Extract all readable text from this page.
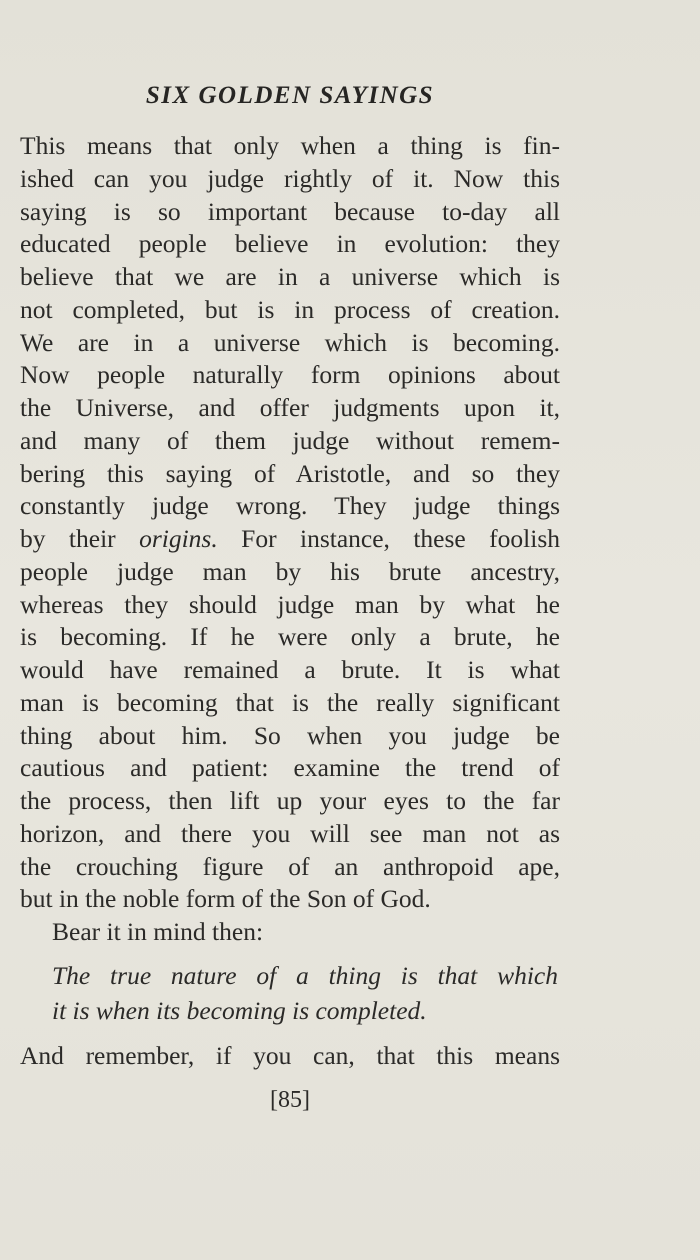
SIX GOLDEN SAYINGS
This means that only when a thing is fin-
ished can you judge rightly of it. Now this
saying is so important because to-day all
educated people believe in evolution: they
believe that we are in a universe which is
not completed, but is in process of creation.
We are in a universe which is becoming.
Now people naturally form opinions about
the Universe, and offer judgments upon it,
and many of them judge without remem-
bering this saying of Aristotle, and so they
constantly judge wrong. They judge things
by their origins. For instance, these foolish
people judge man by his brute ancestry,
whereas they should judge man by what he
is becoming. If he were only a brute, he
would have remained a brute. It is what
man is becoming that is the really significant
thing about him. So when you judge be
cautious and patient: examine the trend of
the process, then lift up your eyes to the far
horizon, and there you will see man not as
the crouching figure of an anthropoid ape,
but in the noble form of the Son of God.
Bear it in mind then:
The true nature of a thing is that which
it is when its becoming is completed.
And remember, if you can, that this means
[85]
